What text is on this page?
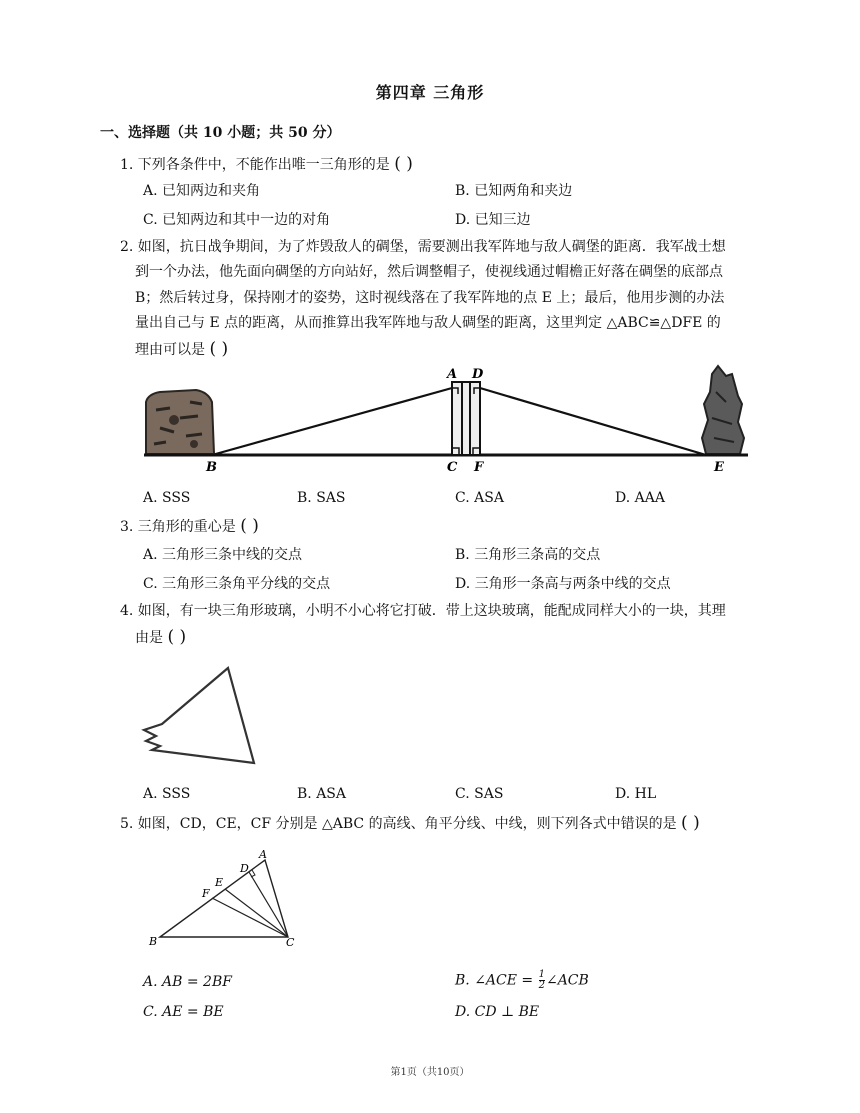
第四章 三角形
一、选择题（共 10 小题；共 50 分）
1. 下列各条件中，不能作出唯一三角形的是 ( )
A. 已知两边和夹角	B. 已知两角和夹边
C. 已知两边和其中一边的对角	D. 已知三边
2. 如图，抗日战争期间，为了炸毁敌人的碉堡，需要测出我军阵地与敌人碉堡的距离．我军战士想
到一个办法，他先面向碉堡的方向站好，然后调整帽子，使视线通过帽檐正好落在碉堡的底部点
B；然后转过身，保持刚才的姿势，这时视线落在了我军阵地的点 E 上；最后，他用步测的办法
量出自己与 E 点的距离，从而推算出我军阵地与敌人碉堡的距离，这里判定 △ABC≌△DFE 的
理由可以是 ( )
A D
B	C F	E
A. SSS	B. SAS	C. ASA	D. AAA
3. 三角形的重心是 ( )
A. 三角形三条中线的交点	B. 三角形三条高的交点
C. 三角形三条角平分线的交点	D. 三角形一条高与两条中线的交点
4. 如图，有一块三角形玻璃，小明不小心将它打破．带上这块玻璃，能配成同样大小的一块，其理
由是 ( )
A. SSS	B. ASA	C. SAS	D. HL
5. 如图，CD，CE，CF 分别是 △ABC 的高线、角平分线、中线，则下列各式中错误的是 ( )
A
D
E
F
B	C
A. AB = 2BF	B. ∠ACE = $\frac{1}{2}$ ∠ACB
C. AE = BE	D. CD ⊥ BE
第1页（共10页）
